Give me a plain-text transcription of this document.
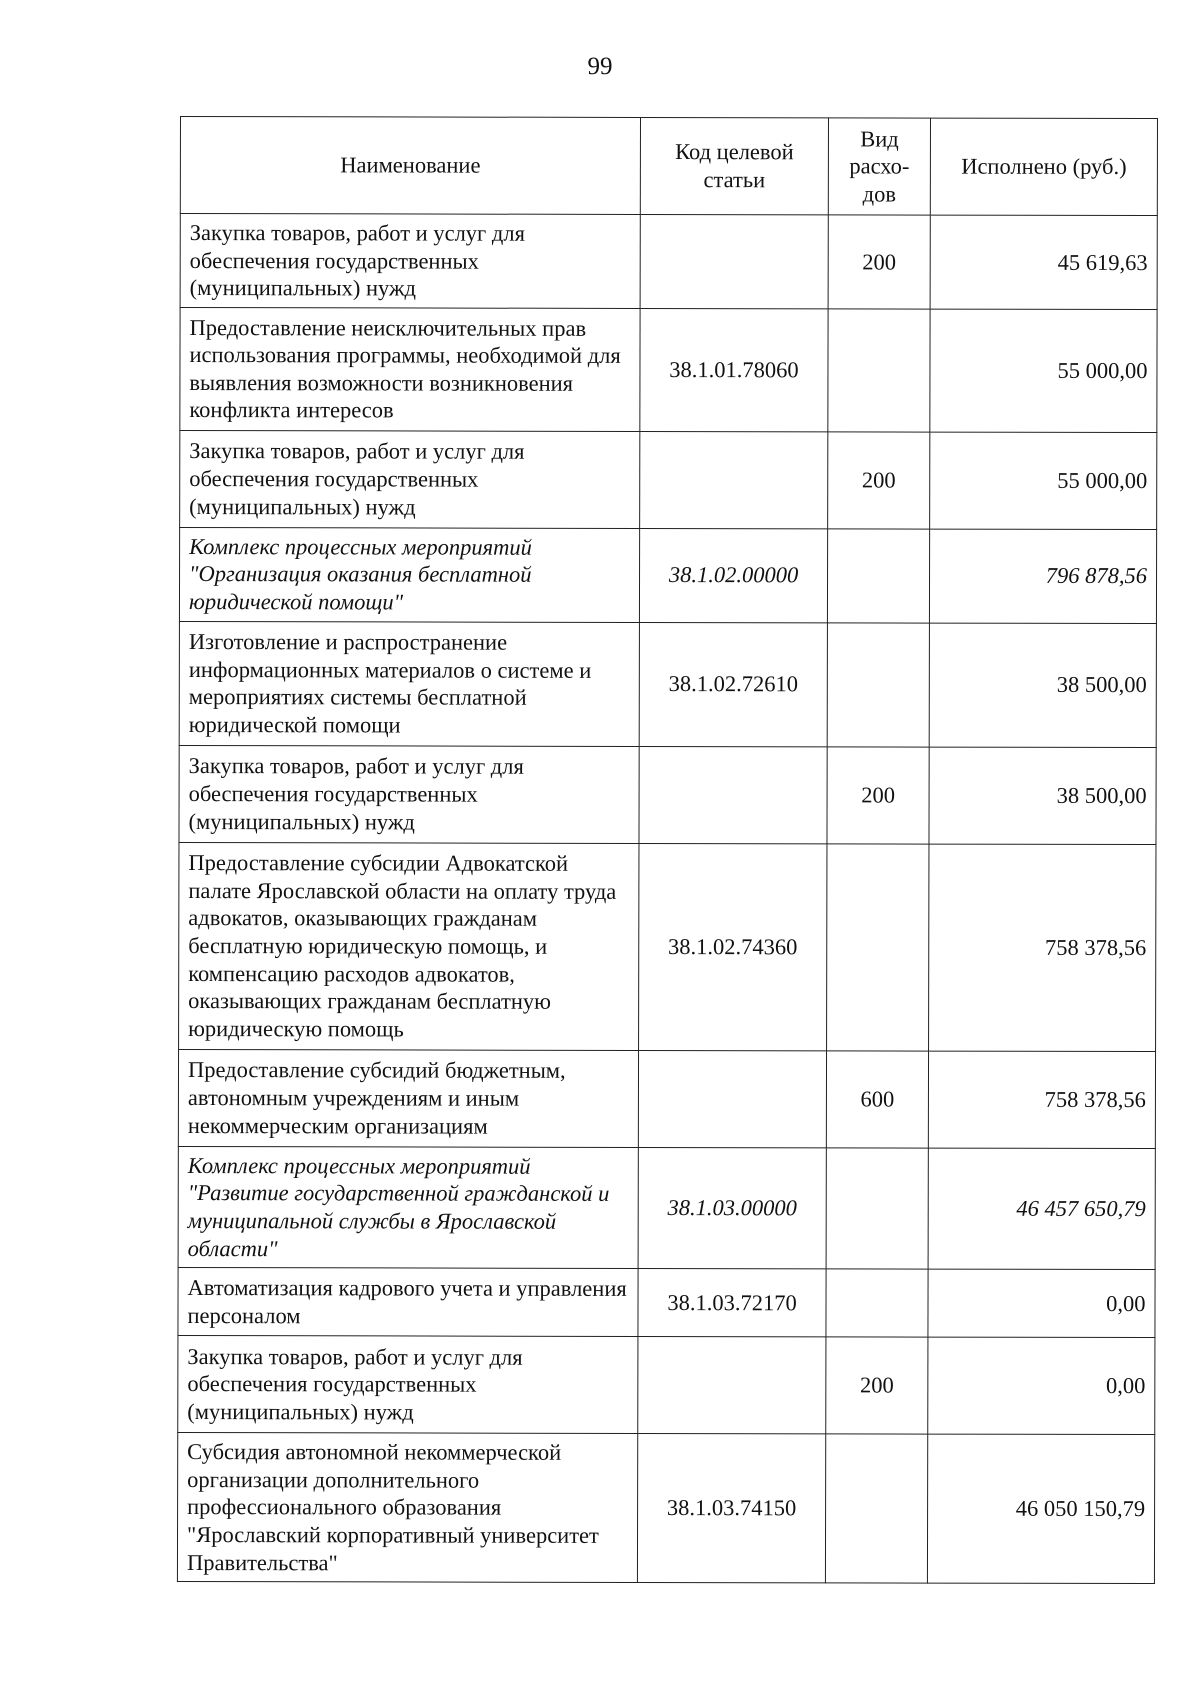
99
Наименование	Код целевой статьи	Вид расхо-дов	Исполнено (руб.)
Закупка товаров, работ и услуг для обеспечения государственных (муниципальных) нужд		200	45 619,63
Предоставление неисключительных прав использования программы, необходимой для выявления возможности возникновения конфликта интересов	38.1.01.78060		55 000,00
Закупка товаров, работ и услуг для обеспечения государственных (муниципальных) нужд		200	55 000,00
Комплекс процессных мероприятий "Организация оказания бесплатной юридической помощи"	38.1.02.00000		796 878,56
Изготовление и распространение информационных материалов о системе и мероприятиях системы бесплатной юридической помощи	38.1.02.72610		38 500,00
Закупка товаров, работ и услуг для обеспечения государственных (муниципальных) нужд		200	38 500,00
Предоставление субсидии Адвокатской палате Ярославской области на оплату труда адвокатов, оказывающих гражданам бесплатную юридическую помощь, и компенсацию расходов адвокатов, оказывающих гражданам бесплатную юридическую помощь	38.1.02.74360		758 378,56
Предоставление субсидий бюджетным, автономным учреждениям и иным некоммерческим организациям		600	758 378,56
Комплекс процессных мероприятий "Развитие государственной гражданской и муниципальной службы в Ярославской области"	38.1.03.00000		46 457 650,79
Автоматизация кадрового учета и управления персоналом	38.1.03.72170		0,00
Закупка товаров, работ и услуг для обеспечения государственных (муниципальных) нужд		200	0,00
Субсидия автономной некоммерческой организации дополнительного профессионального образования "Ярославский корпоративный университет Правительства"	38.1.03.74150		46 050 150,79
